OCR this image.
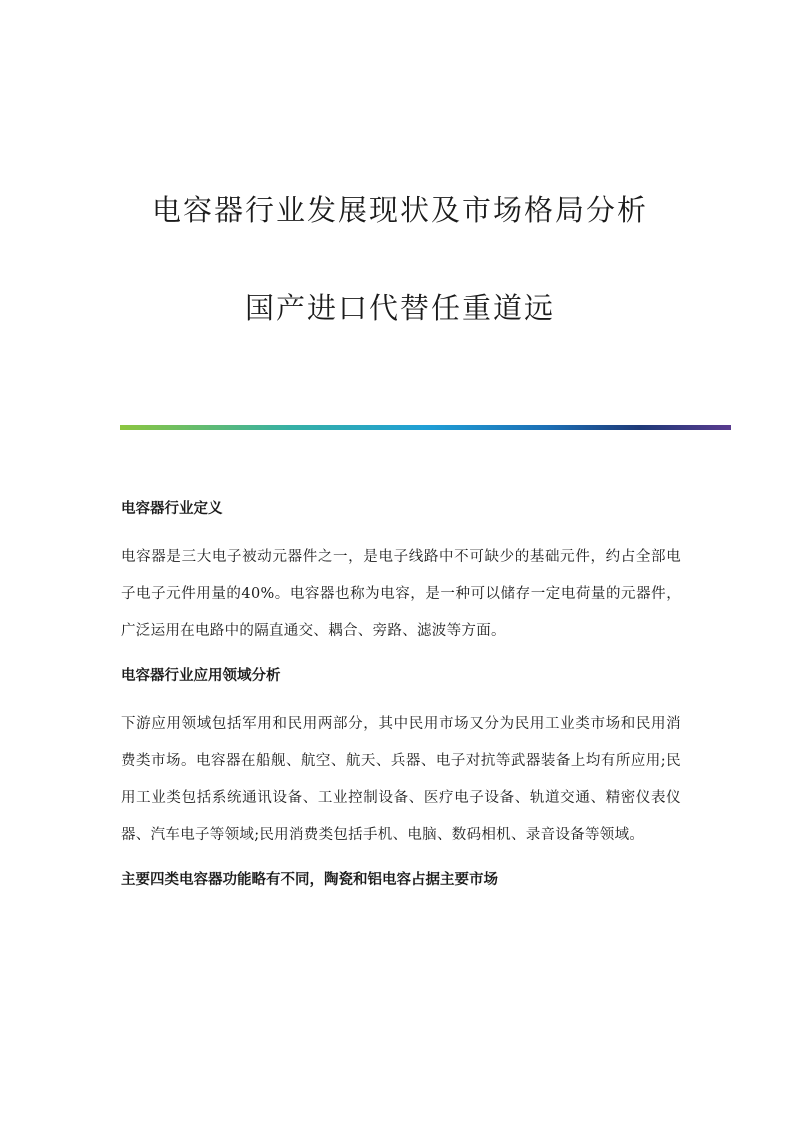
电容器行业发展现状及市场格局分析
国产进口代替任重道远
电容器行业定义

电容器是三大电子被动元器件之一，是电子线路中不可缺少的基础元件，约占全部电子电子元件用量的40%。电容器也称为电容，是一种可以储存一定电荷量的元器件，广泛运用在电路中的隔直通交、耦合、旁路、滤波等方面。

电容器行业应用领域分析

下游应用领域包括军用和民用两部分，其中民用市场又分为民用工业类市场和民用消费类市场。电容器在船舰、航空、航天、兵器、电子对抗等武器装备上均有所应用;民用工业类包括系统通讯设备、工业控制设备、医疗电子设备、轨道交通、精密仪表仪器、汽车电子等领域;民用消费类包括手机、电脑、数码相机、录音设备等领域。

主要四类电容器功能略有不同，陶瓷和铝电容占据主要市场
